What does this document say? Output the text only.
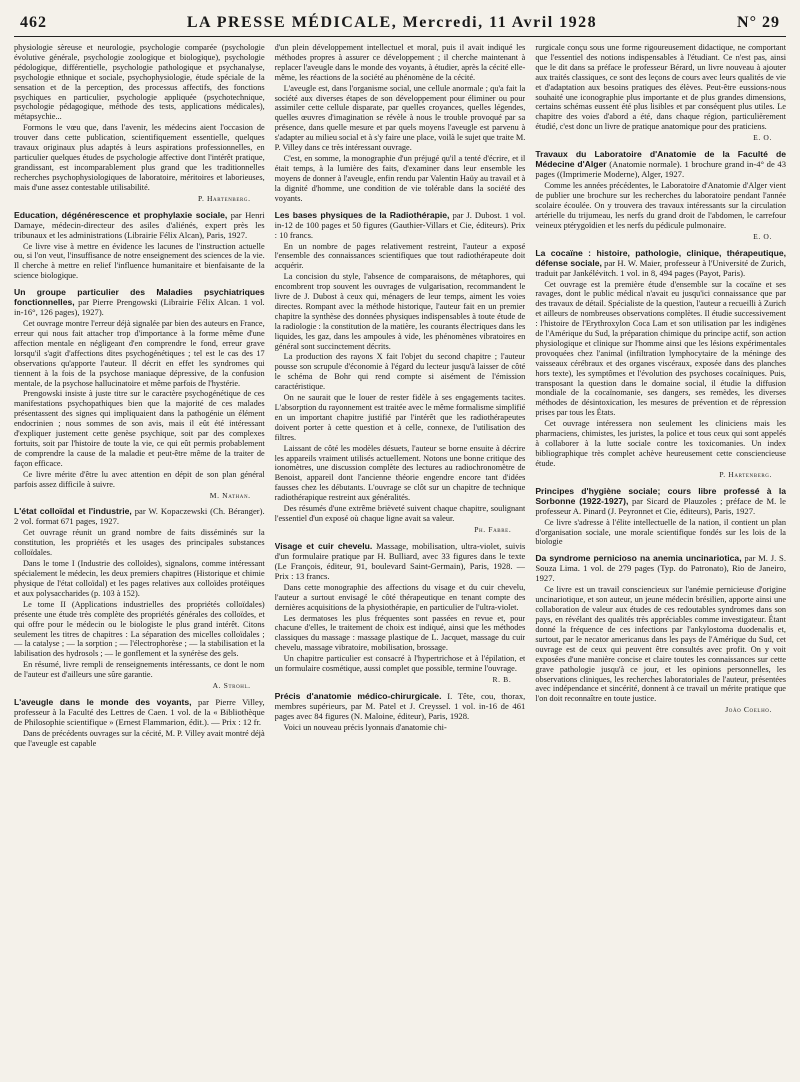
462	LA PRESSE MÉDICALE, Mercredi, 11 Avril 1928	N° 29

physiologie sèreuse et neurologie, psychologie comparée (psychologie évolutive générale, psychologie zoologique et biologique), psychologie pédologique, différentielle, psychologie pathologique et psychanalyse, psychologie ethnique et sociale, psychophysiologie, étude spéciale de la sensation et de la perception, des processus affectifs, des fonctions psychiques en particulier, psychologie appliquée (psychotechnique, psychologie pédagogique, méthode des tests, applications médicales), métapsychie...

Formons le vœu que, dans l'avenir, les médecins aient l'occasion de trouver dans cette publication, scientifiquement essentielle, quelques travaux originaux plus adaptés à leurs aspirations professionnelles, en particulier quelques études de psychologie affective dont l'intérêt pratique, grandissant, est incomparablement plus grand que les traditionnelles recherches psychophysiologiques de laboratoire, méritoires et laborieuses, mais d'une assez contestable utilisabilité.

P. Hartenberg.
Education, dégénérescence et prophylaxie sociale, par Henri Damaye, médecin-directeur des asiles d'aliénés, expert près les tribunaux et les administrations (Librairie Félix Alcan), Paris, 1927.

Ce livre vise à mettre en évidence les lacunes de l'instruction actuelle ou, si l'on veut, l'insuffisance de notre enseignement des sciences de la vie. Il cherche à mettre en relief l'influence humanitaire et bienfaisante de la science biologique.

Un groupe particulier des Maladies psychiatriques fonctionnelles, par Pierre Prengowski (Librairie Félix Alcan. 1 vol. in-16°, 126 pages), 1927).

Cet ouvrage montre l'erreur déjà signalée par bien des auteurs en France, erreur qui nous fait attacher trop d'importance à la forme même d'une affection mentale en négligeant d'en comprendre le fond, erreur grave lorsqu'il s'agit d'affections dites psychogénétiques ; tel est le cas des 17 observations qu'apporte l'auteur. Il décrit en effet les syndromes qui tiennent à la fois de la psychose maniaque dépressive, de la confusion mentale, de la psychose hallucinatoire et même parfois de l'hystérie.

Prengowski insiste à juste titre sur le caractère psychogénétique de ces manifestations psychopathiques bien que la majorité de ces malades présentassent des signes qui impliquaient dans la pathogénie un élément endocrinien ; nous sommes de son avis, mais il eût été intéressant d'expliquer justement cette genèse psychique, soit par des complexes fortuits, soit par l'histoire de toute la vie, ce qui eût permis probablement de comprendre la cause de la maladie et peut-être même de la traiter de façon efficace.

Ce livre mérite d'être lu avec attention en dépit de son plan général parfois assez difficile à suivre.

M. Nathan.
L'état colloïdal et l'industrie, par W. Kopaczewski (Ch. Béranger). 2 vol. format 671 pages, 1927.

Cet ouvrage réunit un grand nombre de faits disséminés sur la constitution, les propriétés et les usages des principales substances colloïdales.

Dans le tome I (Industrie des colloïdes), signalons, comme intéressant spécialement le médecin, les deux premiers chapitres (Historique et chimie physique de l'état colloïdal) et les pages relatives aux colloïdes protéiques et aux polysaccharides (p. 103 à 152).

Le tome II (Applications industrielles des propriétés colloïdales) présente une étude très complète des propriétés générales des colloïdes, et qui offre pour le médecin ou le biologiste le plus grand intérêt. Citons seulement les titres de chapitres : La séparation des micelles colloïdales ; — la catalyse ; — la sorption ; — l'électrophorèse ; — la stabilisation et la labilisation des hydrosols ; — le gonflement et la synérèse des gels.

En résumé, livre rempli de renseignements intéressants, ce dont le nom de l'auteur est d'ailleurs une sûre garantie.

A. Strohl.
L'aveugle dans le monde des voyants, par Pierre Villey, professeur à la Faculté des Lettres de Caen. 1 vol. de la « Bibliothèque de Philosophie scientifique » (Ernest Flammarion, édit.). — Prix : 12 fr.

Dans de précédents ouvrages sur la cécité, M. P. Villey avait montré déjà que l'aveugle est capable

d'un plein développement intellectuel et moral, puis il avait indiqué les méthodes propres à assurer ce développement ; il cherche maintenant à replacer l'aveugle dans le monde des voyants, à étudier, après la cécité elle-même, les réactions de la société au phénomène de la cécité.

L'aveugle est, dans l'organisme social, une cellule anormale ; qu'a fait la société aux diverses étapes de son développement pour éliminer ou pour assimiler cette cellule disparate, par quelles croyances, quelles légendes, quelles œuvres d'imagination se révèle à nous le trouble provoqué par sa présence, dans quelle mesure et par quels moyens l'aveugle est parvenu à s'adapter au milieu social et à s'y faire une place, voilà le sujet que traite M. P. Villey dans ce très intéressant ouvrage.

C'est, en somme, la monographie d'un préjugé qu'il a tenté d'écrire, et il était temps, à la lumière des faits, d'examiner dans leur ensemble les moyens de donner à l'aveugle, enfin rendu par Valentin Haüy au travail et à la dignité d'homme, une condition de vie tolérable dans la société des voyants.

Les bases physiques de la Radiothérapie, par J. Dubost. 1 vol. in-12 de 100 pages et 50 figures (Gauthier-Villars et Cie, éditeurs). Prix : 10 francs.

En un nombre de pages relativement restreint, l'auteur a exposé l'ensemble des connaissances scientifiques que tout radiothérapeute doit acquérir.

La concision du style, l'absence de comparaisons, de métaphores, qui encombrent trop souvent les ouvrages de vulgarisation, recommandent le livre de J. Dubost à ceux qui, ménagers de leur temps, aiment les voies directes. Rompant avec la méthode historique, l'auteur fait en un premier chapitre la synthèse des données physiques indispensables à toute étude de la radiologie : la constitution de la matière, les courants électriques dans les liquides, les gaz, dans les ampoules à vide, les phénomènes vibratoires en général sont succinctement décrits.

La production des rayons X fait l'objet du second chapitre ; l'auteur pousse son scrupule d'économie à l'égard du lecteur jusqu'à laisser de côté le schéma de Bohr qui rend compte si aisément de l'émission caractéristique.

On ne saurait que le louer de rester fidèle à ses engagements tacites. L'absorption du rayonnement est traitée avec le même formalisme simplifié en un important chapitre justifié par l'intérêt que les radiothérapeutes doivent porter à cette question et à celle, connexe, de l'utilisation des filtres.

Laissant de côté les modèles désuets, l'auteur se borne ensuite à décrire les appareils vraiment utilisés actuellement. Notons une bonne critique des ionomètres, une discussion complète des lectures au radiochronomètre de Benoist, appareil dont l'ancienne théorie engendre encore tant d'idées fausses chez les débutants. L'ouvrage se clôt sur un chapitre de technique radiothérapique restreint aux généralités.

Des résumés d'une extrême brièveté suivent chaque chapitre, soulignant l'essentiel d'un exposé où chaque ligne avait sa valeur.

Ph. Fabre.
Visage et cuir chevelu. Massage, mobilisation, ultra-violet, suivis d'un formulaire pratique par H. Bulliard, avec 33 figures dans le texte (Le François, éditeur, 91, boulevard Saint-Germain), Paris, 1928. — Prix : 13 francs.

Dans cette monographie des affections du visage et du cuir chevelu, l'auteur a surtout envisagé le côté thérapeutique en tenant compte des dernières acquisitions de la physiothérapie, en particulier de l'ultra-violet.

Les dermatoses les plus fréquentes sont passées en revue et, pour chacune d'elles, le traitement de choix est indiqué, ainsi que les méthodes classiques du massage : massage plastique de L. Jacquet, massage du cuir chevelu, massage vibratoire, mobilisation, brossage.

Un chapitre particulier est consacré à l'hypertrichose et à l'épilation, et un formulaire cosmétique, aussi complet que possible, termine l'ouvrage.

R. B.
Précis d'anatomie médico-chirurgicale. I. Tête, cou, thorax, membres supérieurs, par M. Patel et J. Creyssel. 1 vol. in-16 de 461 pages avec 84 figures (N. Maloine, éditeur), Paris, 1928.

Voici un nouveau précis lyonnais d'anatomie chi-

rurgicale conçu sous une forme rigoureusement didactique, ne comportant que l'essentiel des notions indispensables à l'étudiant. Ce n'est pas, ainsi que le dit dans sa préface le professeur Bérard, un livre nouveau à ajouter aux traités classiques, ce sont des leçons de cours avec leurs qualités de vie et d'adaptation aux besoins pratiques des élèves. Peut-être eussions-nous souhaité une iconographie plus importante et de plus grandes dimensions, certains schémas eussent été plus lisibles et par conséquent plus utiles. Le chapitre des voies d'abord a été, dans chaque région, particulièrement étudié, c'est donc un livre de pratique anatomique pour des praticiens.

E. O.
Travaux du Laboratoire d'Anatomie de la Faculté de Médecine d'Alger (Anatomie normale). 1 brochure grand in-4° de 43 pages ((Imprimerie Moderne), Alger, 1927.

Comme les années précédentes, le Laboratoire d'Anatomie d'Alger vient de publier une brochure sur les recherches du laboratoire pendant l'année scolaire écoulée. On y trouvera des travaux intéressants sur la circulation artérielle du trijumeau, les nerfs du grand droit de l'abdomen, le carrefour veineux ptérygoïdien et les nerfs du pédicule pulmonaire.

E. O.
La cocaïne : histoire, pathologie, clinique, thérapeutique, défense sociale, par H. W. Maier, professeur à l'Université de Zurich, traduit par Jankélévitch. 1 vol. in 8, 494 pages (Payot, Paris).

Cet ouvrage est la première étude d'ensemble sur la cocaïne et ses ravages, dont le public médical n'avait eu jusqu'ici connaissance que par des travaux de détail. Spécialiste de la question, l'auteur a recueilli à Zurich et ailleurs de nombreuses observations complètes. Il étudie successivement : l'histoire de l'Erythroxylon Coca Lam et son utilisation par les indigènes de l'Amérique du Sud, la préparation chimique du principe actif, son action physiologique et clinique sur l'homme ainsi que les lésions expérimentales provoquées chez l'animal (infiltration lymphocytaire de la méninge des vaisseaux cérébraux et des organes viscéraux, exposée dans des planches hors texte), les symptômes et l'évolution des psychoses cocaïniques. Puis, transposant la question dans le domaine social, il étudie la diffusion mondiale de la cocaïnomanie, ses dangers, ses remèdes, les diverses méthodes de désintoxication, les mesures de prévention et de répression prises par tous les États.

Cet ouvrage intéressera non seulement les cliniciens mais les pharmaciens, chimistes, les juristes, la police et tous ceux qui sont appelés à collaborer à la lutte sociale contre les toxicomanies. Un index bibliographique très complet achève heureusement cette consciencieuse étude.

P. Hartenberg.
Principes d'hygiène sociale; cours libre professé à la Sorbonne (1922-1927), par Sicard de Plauzoles ; préface de M. le professeur A. Pinard (J. Peyronnet et Cie, éditeurs), Paris, 1927.

Ce livre s'adresse à l'élite intellectuelle de la nation, il contient un plan d'organisation sociale, une morale scientifique fondés sur les lois de la biologie

Da syndrome pernicioso na anemia uncinariotica, par M. J. S. Souza Lima. 1 vol. de 279 pages (Typ. do Patronato), Rio de Janeiro, 1927.

Ce livre est un travail consciencieux sur l'anémie pernicieuse d'origine uncinariotique, et son auteur, un jeune médecin brésilien, apporte ainsi une collaboration de valeur aux études de ces redoutables syndromes dans son pays, en révélant des qualités très appréciables comme investigateur. Étant donné la fréquence de ces infections par l'ankylostoma duodenalis et, surtout, par le necator americanus dans les pays de l'Amérique du Sud, cet ouvrage est de ceux qui peuvent être consultés avec profit. On y voit exposées d'une manière concise et claire toutes les connaissances sur cette grave pathologie jusqu'à ce jour, et les opinions personnelles, les observations cliniques, les recherches laboratoriales de l'auteur, présentées avec indépendance et sincérité, donnent à ce travail un mérite pratique que l'on doit reconnaître en toute justice.

João Coelho.
